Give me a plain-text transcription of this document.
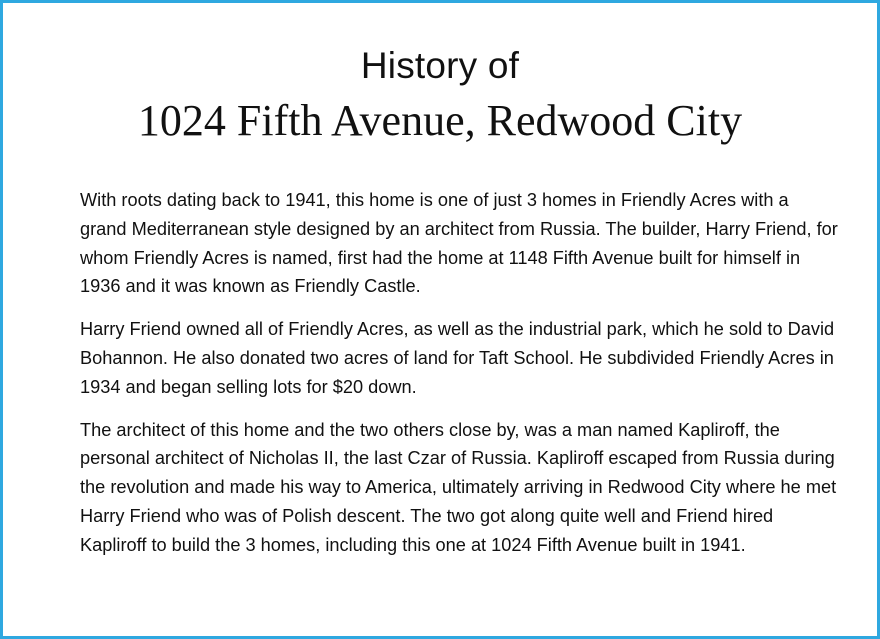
History of
1024 Fifth Avenue, Redwood City

With roots dating back to 1941, this home is one of just 3 homes in Friendly Acres with a grand Mediterranean style designed by an architect from Russia. The builder, Harry Friend, for whom Friendly Acres is named, first had the home at 1148 Fifth Avenue built for himself in 1936 and it was known as Friendly Castle.

Harry Friend owned all of Friendly Acres, as well as the industrial park, which he sold to David Bohannon. He also donated two acres of land for Taft School. He subdivided Friendly Acres in 1934 and began selling lots for $20 down.

The architect of this home and the two others close by, was a man named Kapliroff, the personal architect of Nicholas II, the last Czar of Russia. Kapliroff escaped from Russia during the revolution and made his way to America, ultimately arriving in Redwood City where he met Harry Friend who was of Polish descent. The two got along quite well and Friend hired Kapliroff to build the 3 homes, including this one at 1024 Fifth Avenue built in 1941.
